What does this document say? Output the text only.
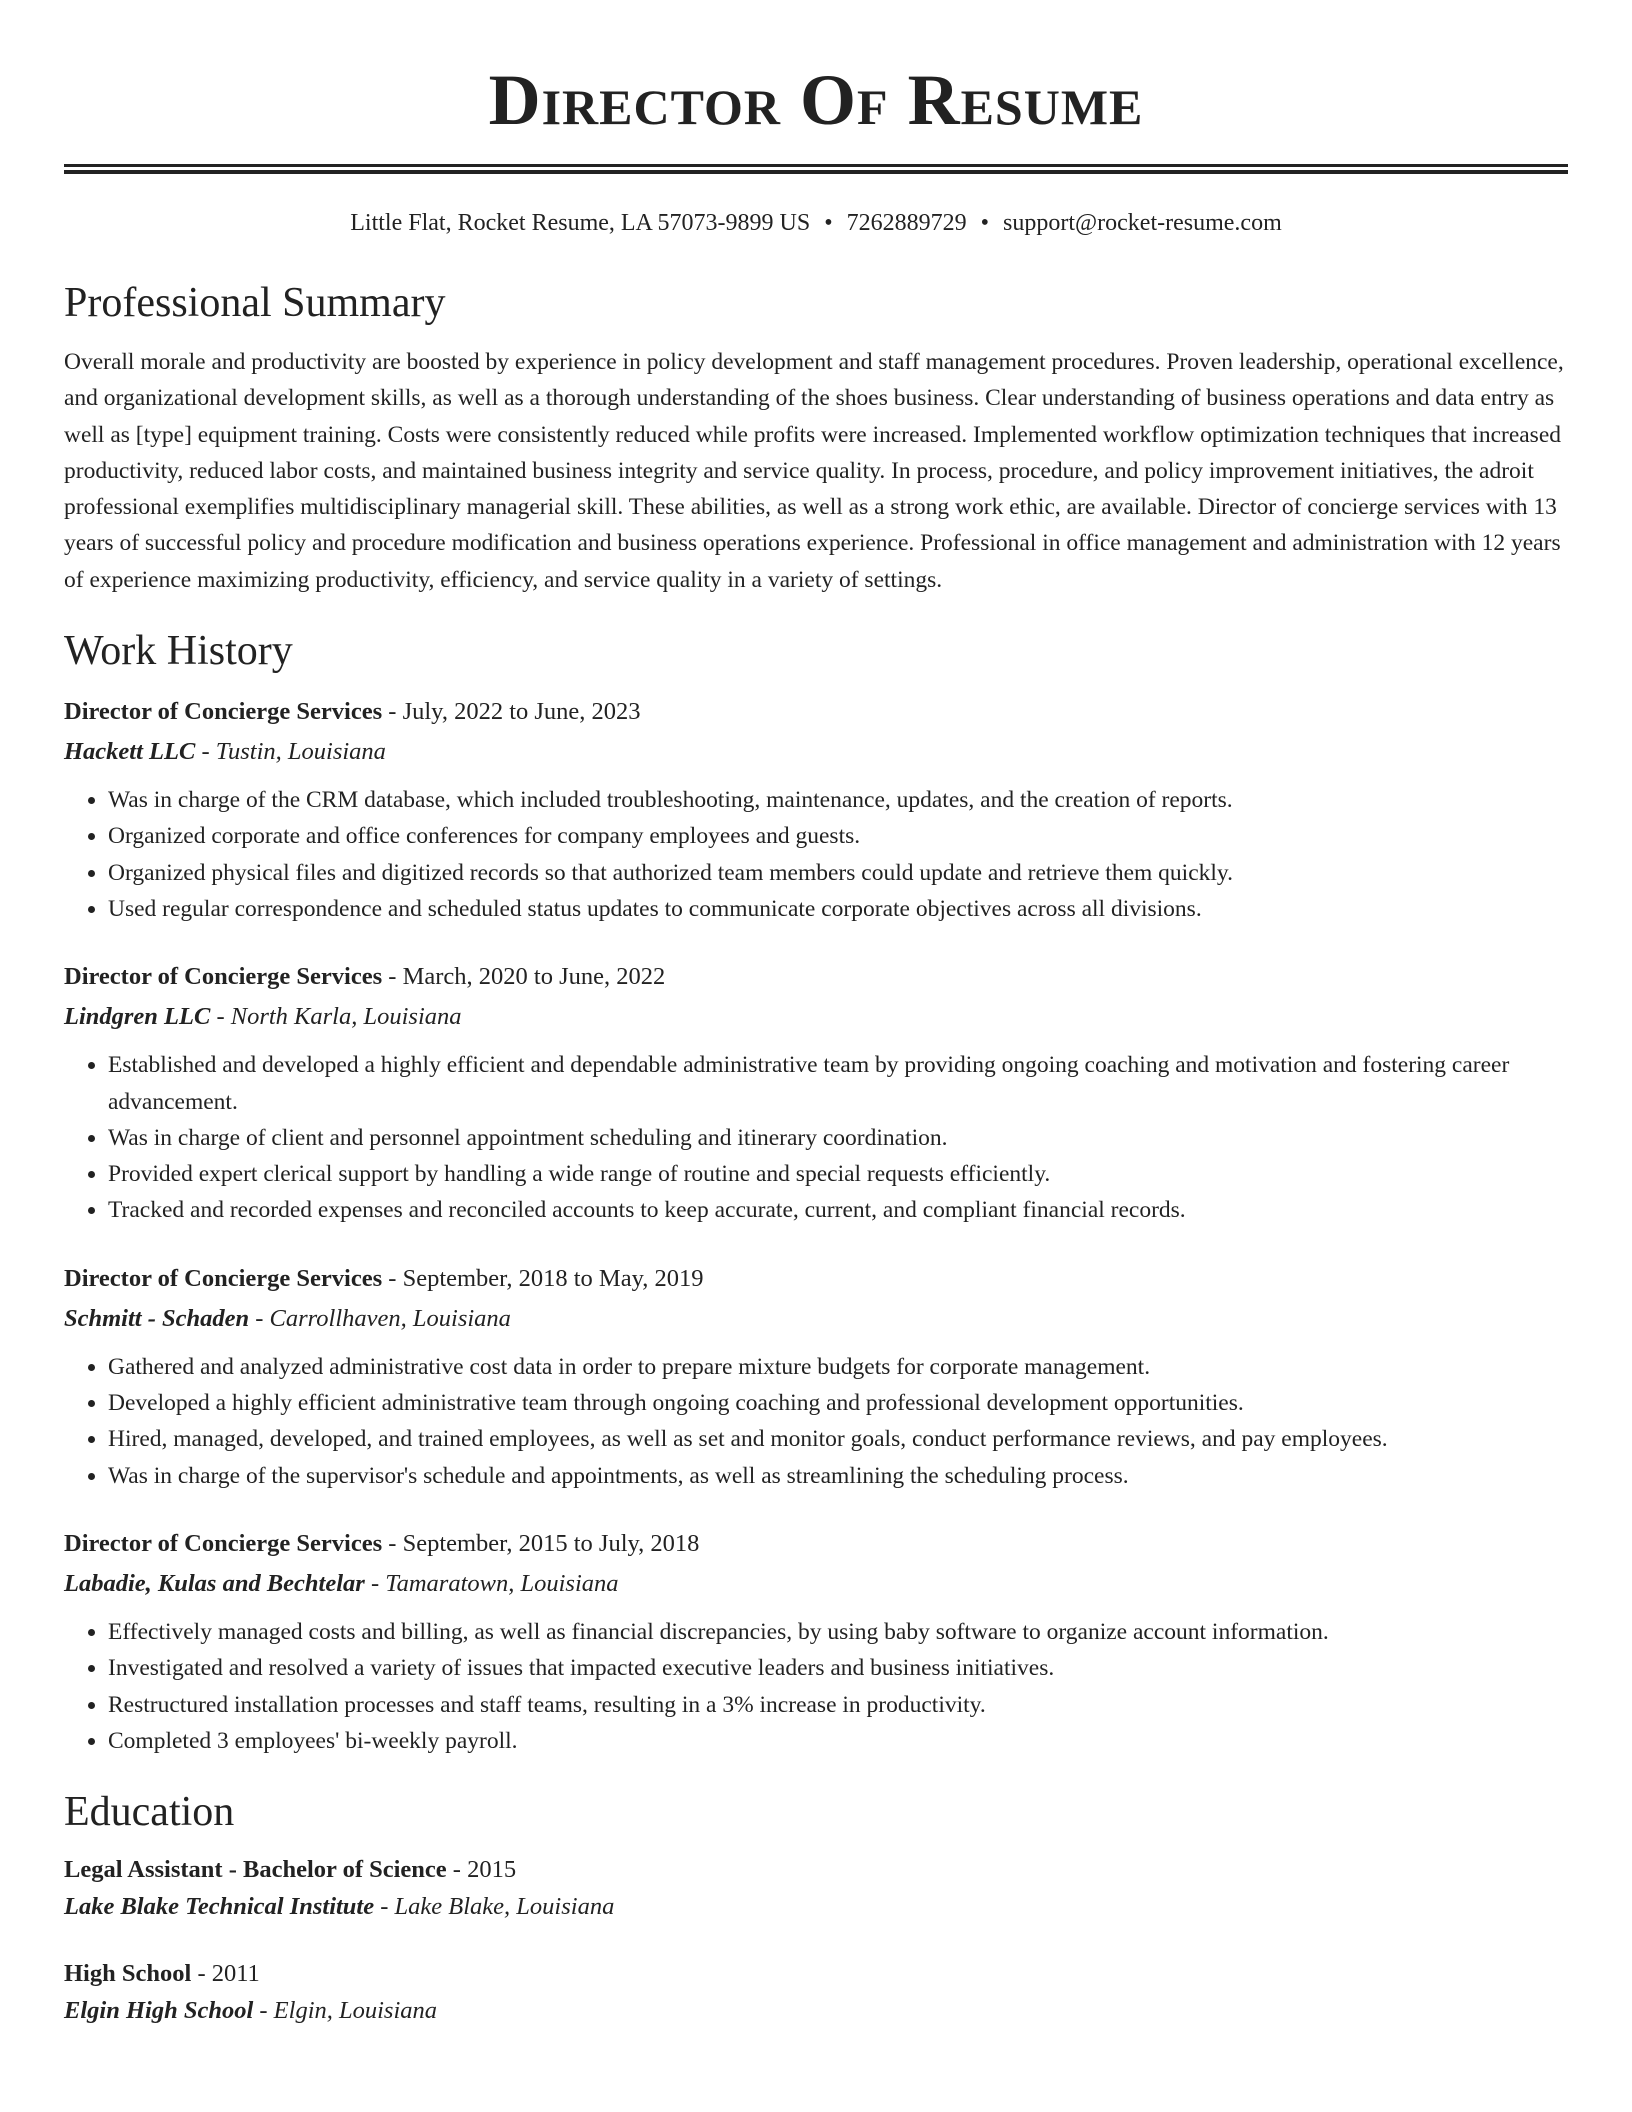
Director Of Resume
Little Flat, Rocket Resume, LA 57073-9899 US • 7262889729 • support@rocket-resume.com
Professional Summary

Overall morale and productivity are boosted by experience in policy development and staff management procedures. Proven leadership, operational excellence, and organizational development skills, as well as a thorough understanding of the shoes business. Clear understanding of business operations and data entry as well as [type] equipment training. Costs were consistently reduced while profits were increased. Implemented workflow optimization techniques that increased productivity, reduced labor costs, and maintained business integrity and service quality. In process, procedure, and policy improvement initiatives, the adroit professional exemplifies multidisciplinary managerial skill. These abilities, as well as a strong work ethic, are available. Director of concierge services with 13 years of successful policy and procedure modification and business operations experience. Professional in office management and administration with 12 years of experience maximizing productivity, efficiency, and service quality in a variety of settings.

Work History
Director of Concierge Services - July, 2022 to June, 2023
Hackett LLC - Tustin, Louisiana
• Was in charge of the CRM database, which included troubleshooting, maintenance, updates, and the creation of reports.
• Organized corporate and office conferences for company employees and guests.
• Organized physical files and digitized records so that authorized team members could update and retrieve them quickly.
• Used regular correspondence and scheduled status updates to communicate corporate objectives across all divisions.
Director of Concierge Services - March, 2020 to June, 2022
Lindgren LLC - North Karla, Louisiana
• Established and developed a highly efficient and dependable administrative team by providing ongoing coaching and motivation and fostering career advancement.
• Was in charge of client and personnel appointment scheduling and itinerary coordination.
• Provided expert clerical support by handling a wide range of routine and special requests efficiently.
• Tracked and recorded expenses and reconciled accounts to keep accurate, current, and compliant financial records.
Director of Concierge Services - September, 2018 to May, 2019
Schmitt - Schaden - Carrollhaven, Louisiana
• Gathered and analyzed administrative cost data in order to prepare mixture budgets for corporate management.
• Developed a highly efficient administrative team through ongoing coaching and professional development opportunities.
• Hired, managed, developed, and trained employees, as well as set and monitor goals, conduct performance reviews, and pay employees.
• Was in charge of the supervisor's schedule and appointments, as well as streamlining the scheduling process.
Director of Concierge Services - September, 2015 to July, 2018
Labadie, Kulas and Bechtelar - Tamaratown, Louisiana
• Effectively managed costs and billing, as well as financial discrepancies, by using baby software to organize account information.
• Investigated and resolved a variety of issues that impacted executive leaders and business initiatives.
• Restructured installation processes and staff teams, resulting in a 3% increase in productivity.
• Completed 3 employees' bi-weekly payroll.
Education
Legal Assistant - Bachelor of Science - 2015
Lake Blake Technical Institute - Lake Blake, Louisiana
High School - 2011
Elgin High School - Elgin, Louisiana
